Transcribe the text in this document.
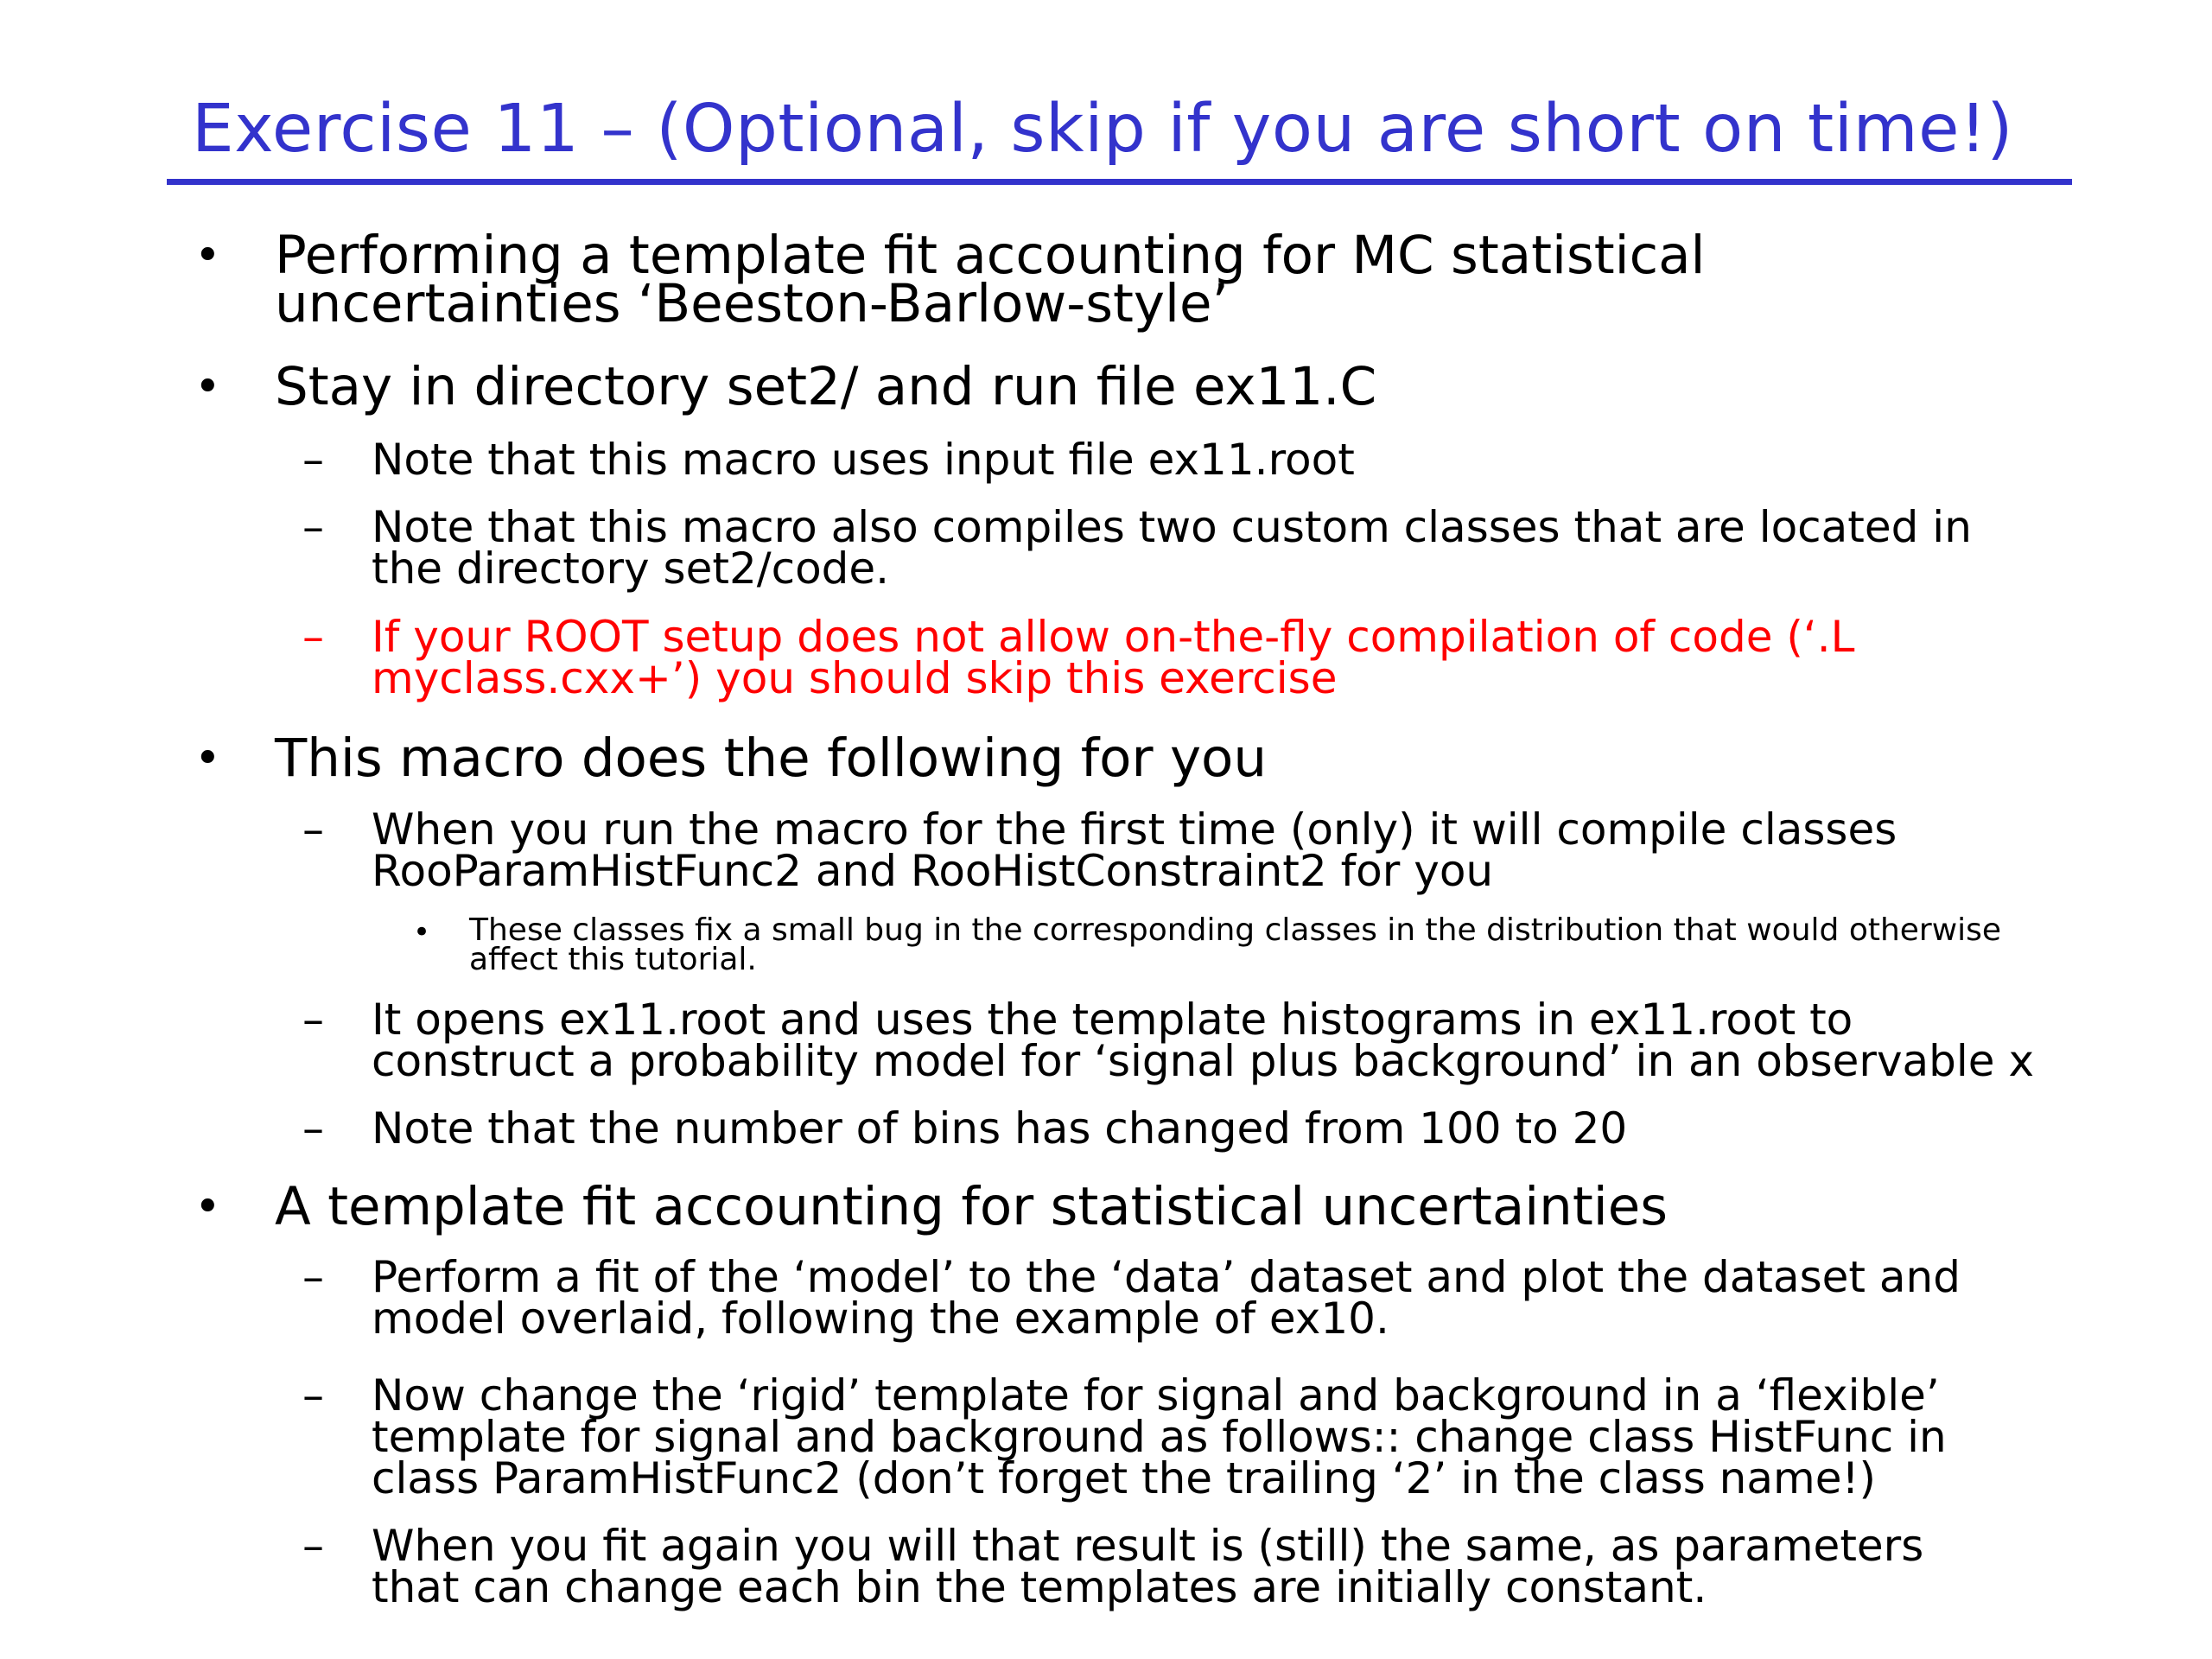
Exercise 11 – (Optional, skip if you are short on time!)
• Performing a template fit accounting for MC statistical
uncertainties ‘Beeston-Barlow-style’
• Stay in directory set2/ and run file ex11.C
– Note that this macro uses input file ex11.root
– Note that this macro also compiles two custom classes that are located in
the directory set2/code.
– If your ROOT setup does not allow on-the-fly compilation of code (‘.L
myclass.cxx+’) you should skip this exercise
• This macro does the following for you
– When you run the macro for the first time (only) it will compile classes
RooParamHistFunc2 and RooHistConstraint2 for you
• These classes fix a small bug in the corresponding classes in the distribution that would otherwise
affect this tutorial.
– It opens ex11.root and uses the template histograms in ex11.root to
construct a probability model for ‘signal plus background’ in an observable x
– Note that the number of bins has changed from 100 to 20
• A template fit accounting for statistical uncertainties
– Perform a fit of the ‘model’ to the ‘data’ dataset and plot the dataset and
model overlaid, following the example of ex10.
– Now change the ‘rigid’ template for signal and background in a ‘flexible’
template for signal and background as follows:: change class HistFunc in
class ParamHistFunc2 (don’t forget the trailing ‘2’ in the class name!)
– When you fit again you will that result is (still) the same, as parameters
that can change each bin the templates are initially constant.
